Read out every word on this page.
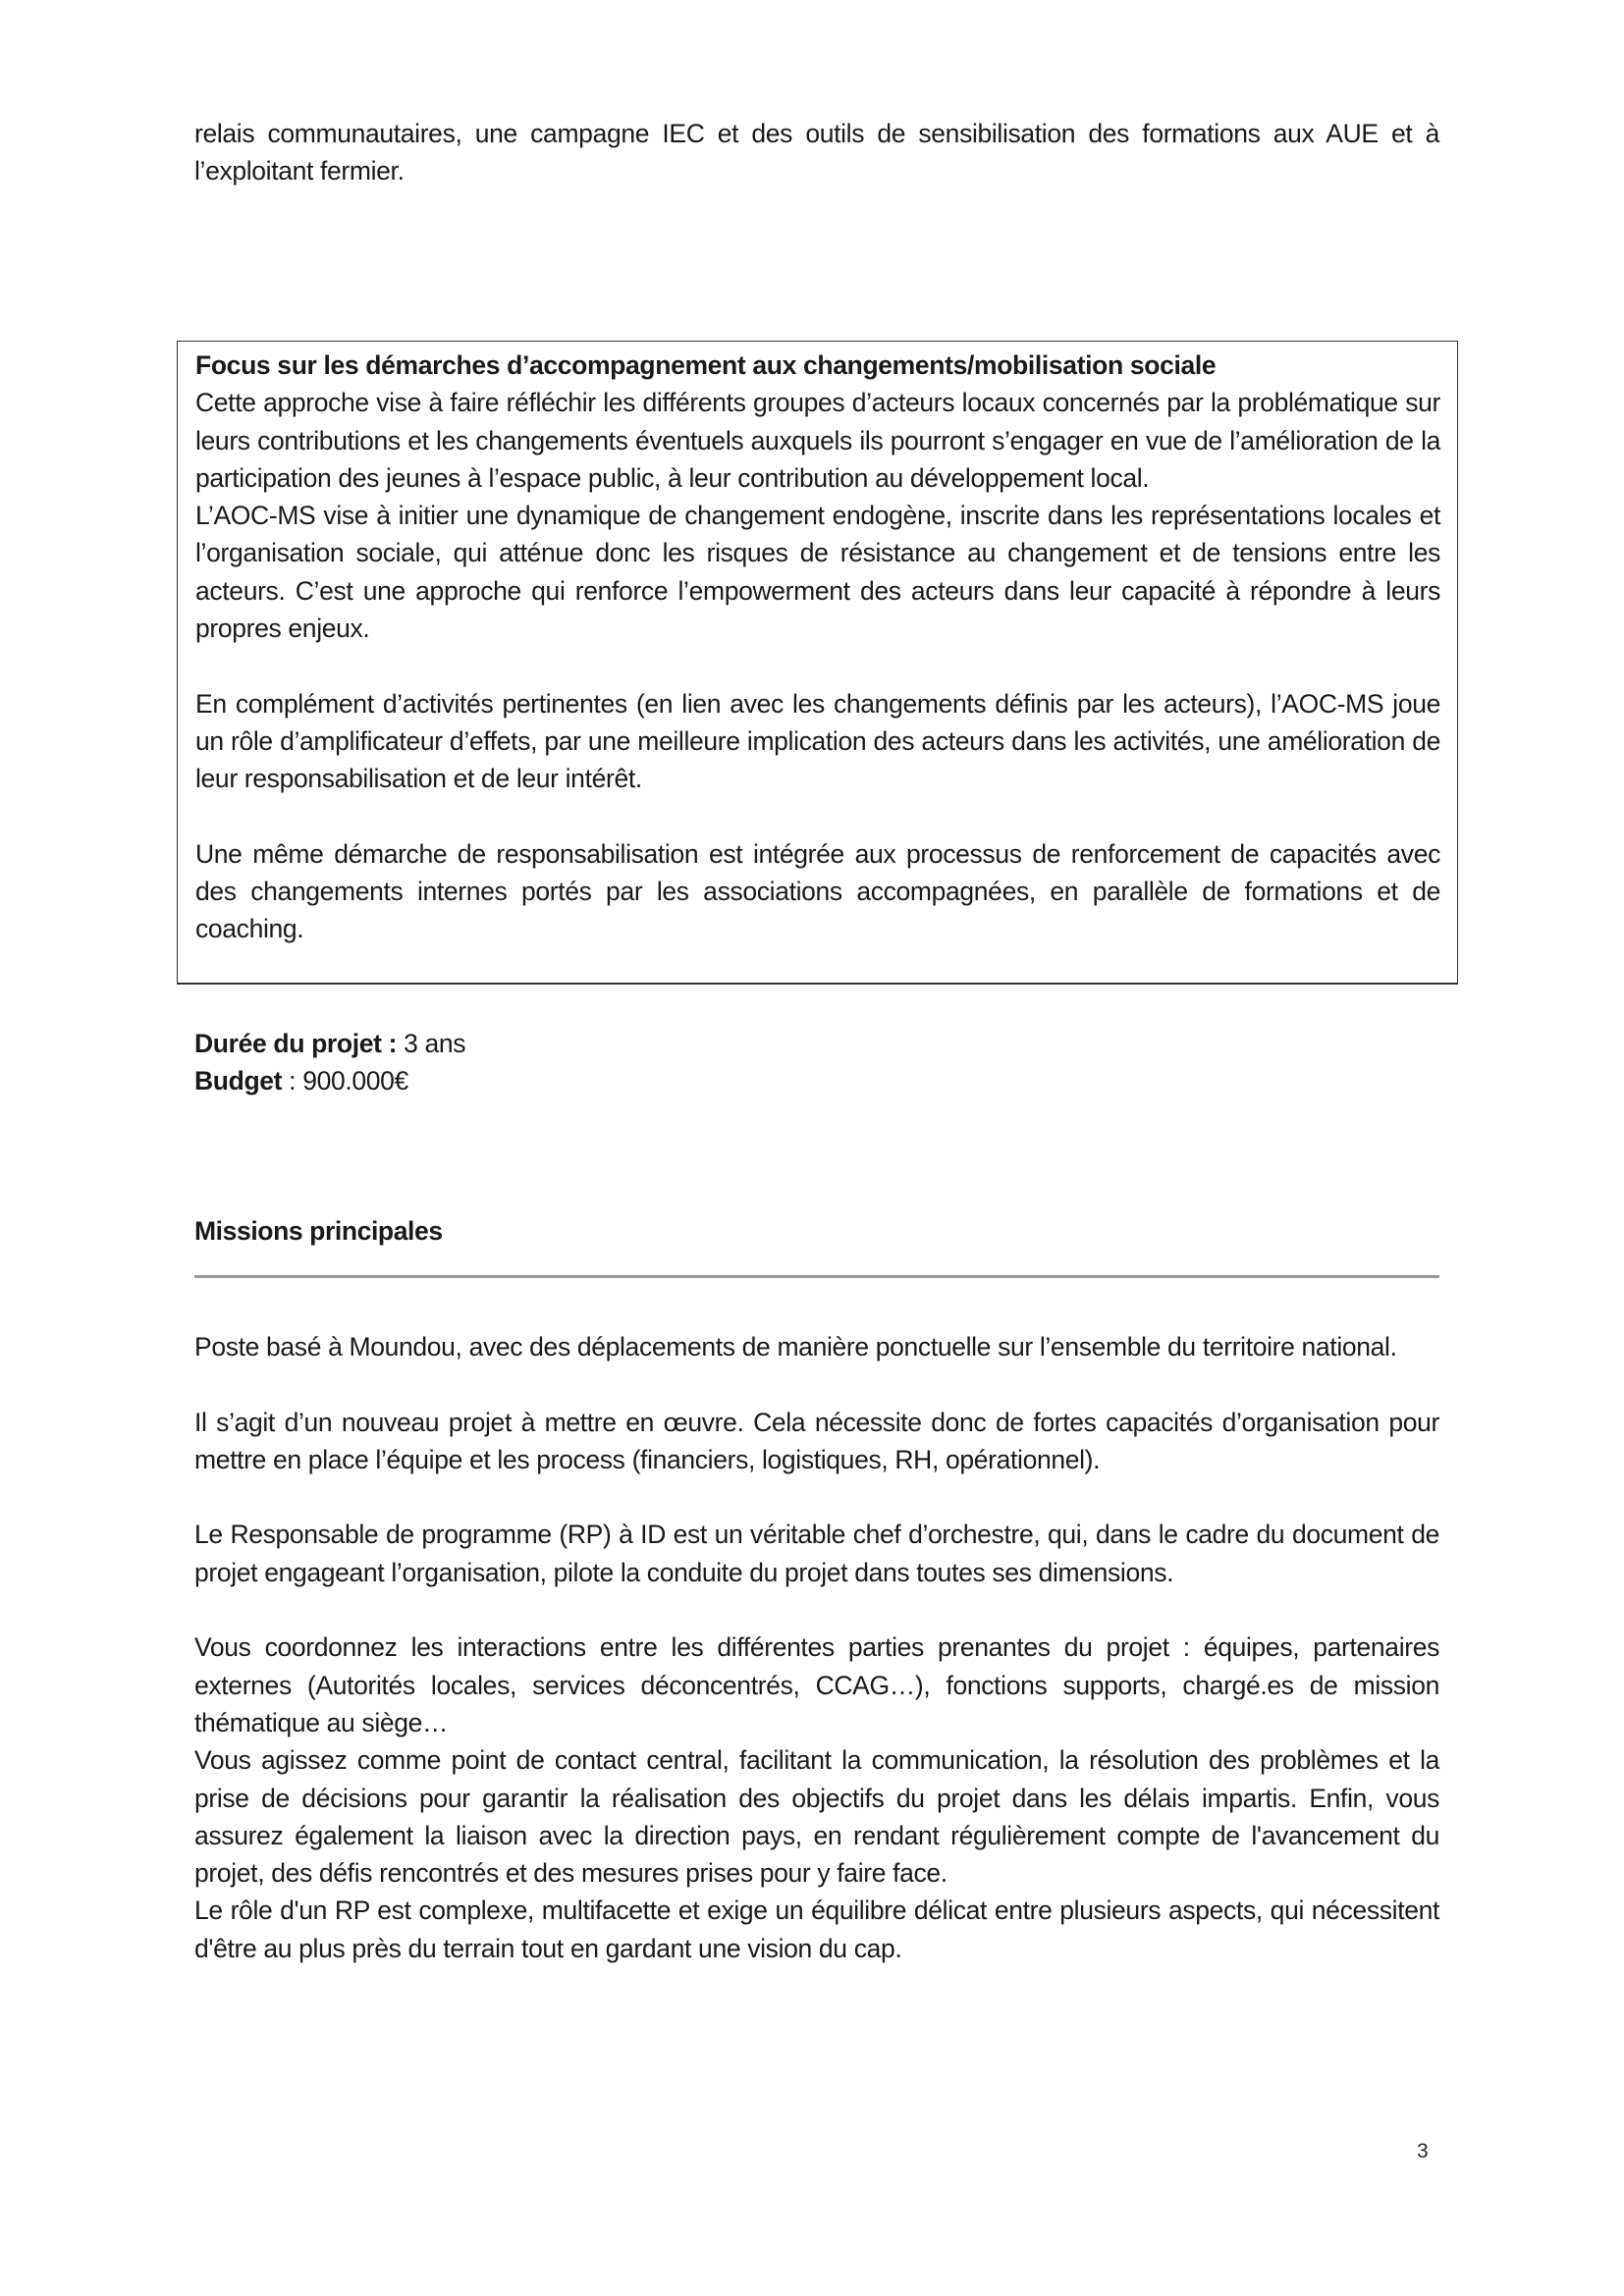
relais communautaires, une campagne IEC et des outils de sensibilisation des formations aux AUE et à l’exploitant fermier.

Focus sur les démarches d’accompagnement aux changements/mobilisation sociale

Cette approche vise à faire réfléchir les différents groupes d’acteurs locaux concernés par la problématique sur leurs contributions et les changements éventuels auxquels ils pourront s’engager en vue de l’amélioration de la participation des jeunes à l’espace public, à leur contribution au développement local.

L’AOC-MS vise à initier une dynamique de changement endogène, inscrite dans les représentations locales et l’organisation sociale, qui atténue donc les risques de résistance au changement et de tensions entre les acteurs. C’est une approche qui renforce l’empowerment des acteurs dans leur capacité à répondre à leurs propres enjeux.

En complément d’activités pertinentes (en lien avec les changements définis par les acteurs), l’AOC-MS joue un rôle d’amplificateur d’effets, par une meilleure implication des acteurs dans les activités, une amélioration de leur responsabilisation et de leur intérêt.

Une même démarche de responsabilisation est intégrée aux processus de renforcement de capacités avec des changements internes portés par les associations accompagnées, en parallèle de formations et de coaching.

Durée du projet : 3 ans

Budget : 900.000€

Missions principales

Poste basé à Moundou, avec des déplacements de manière ponctuelle sur l’ensemble du territoire national.

Il s’agit d’un nouveau projet à mettre en œuvre. Cela nécessite donc de fortes capacités d’organisation pour mettre en place l’équipe et les process (financiers, logistiques, RH, opérationnel).

Le Responsable de programme (RP) à ID est un véritable chef d’orchestre, qui, dans le cadre du document de projet engageant l’organisation, pilote la conduite du projet dans toutes ses dimensions.

Vous coordonnez les interactions entre les différentes parties prenantes du projet : équipes, partenaires externes (Autorités locales, services déconcentrés, CCAG…), fonctions supports, chargé.es de mission thématique au siège…

Vous agissez comme point de contact central, facilitant la communication, la résolution des problèmes et la prise de décisions pour garantir la réalisation des objectifs du projet dans les délais impartis. Enfin, vous assurez également la liaison avec la direction pays, en rendant régulièrement compte de l'avancement du projet, des défis rencontrés et des mesures prises pour y faire face.

Le rôle d'un RP est complexe, multifacette et exige un équilibre délicat entre plusieurs aspects, qui nécessitent d'être au plus près du terrain tout en gardant une vision du cap.

3
